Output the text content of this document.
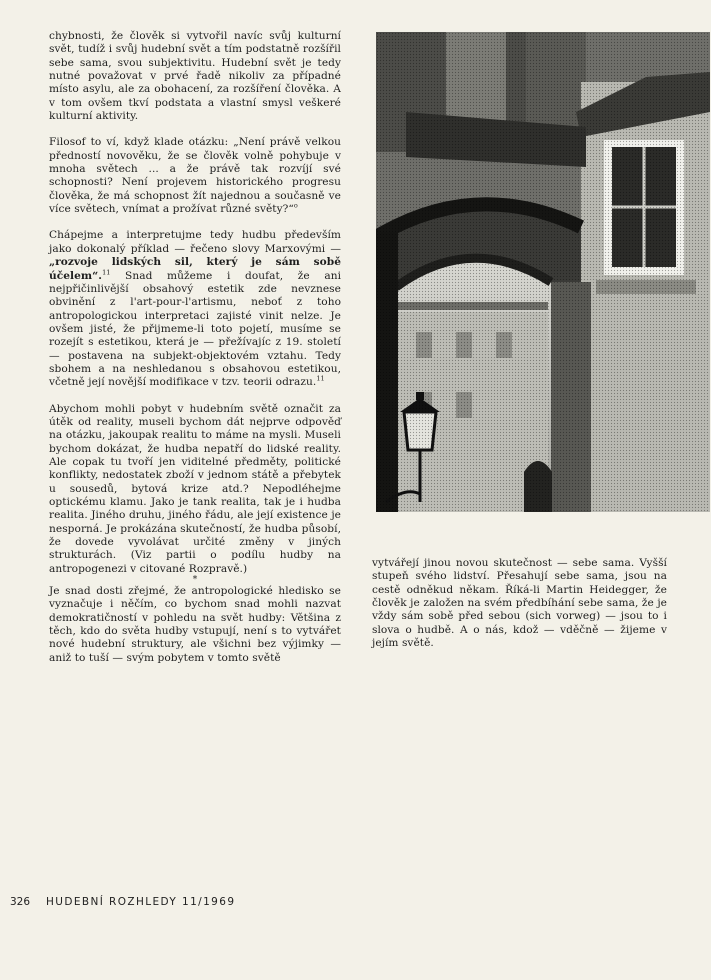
chybnosti, že člověk si vytvořil navíc svůj kulturní svět, tudíž i svůj hudební svět a tím podstatně rozšířil sebe sama, svou subjektivitu. Hudební svět je tedy nutné považovat v prvé řadě nikoliv za případné místo asylu, ale za obohacení, za rozšíření člověka. A v tom ovšem tkví podstata a vlastní smysl veškeré kulturní aktivity.

Filosof to ví, když klade otázku: „Není právě velkou předností novověku, že se člověk volně pohybuje v mnoha světech ... a že právě tak rozvíjí své schopnosti? Není projevem historického progresu člověka, že má schopnost žít najednou a současně ve více světech, vnímat a prožívat různé světy?“$^o$

Chápejme a interpretujme tedy hudbu především jako dokonalý příklad — řečeno slovy Marxovými — „rozvoje lidských sil, který je sám sobě účelem“.$^{11}$ Snad můžeme i doufat, že ani nejpřičinlivější obsahový estetik zde nevznese obvinění z l'art-pour-l'artismu, neboť z toho antropologickou interpretaci zajisté vinit nelze. Je ovšem jisté, že přijmeme-li toto pojetí, musíme se rozejít s estetikou, která je — přežívajíc z 19. století — postavena na subjekt-objektovém vztahu. Tedy sbohem a na neshledanou s obsahovou estetikou, včetně její novější modifikace v tzv. teorii odrazu.$^{11}$

Abychom mohli pobyt v hudebním světě označit za útěk od reality, museli bychom dát nejprve odpověď na otázku, jakoupak realitu to máme na mysli. Museli bychom dokázat, že hudba nepatří do lidské reality. Ale copak tu tvoří jen viditelné předměty, politické konflikty, nedostatek zboží v jednom státě a přebytek u sousedů, bytová krize atd.? Nepodléhejme optickému klamu. Jako je tank realita, tak je i hudba realita. Jiného druhu, jiného řádu, ale její existence je nesporná. Je prokázána skutečností, že hudba působí, že dovede vyvolávat určité změny v jiných strukturách. (Viz partii o podílu hudby na antropogenezi v citované Rozpravě.)

*

Je snad dosti zřejmé, že antropologické hledisko se vyznačuje i něčím, co bychom snad mohli nazvat demokratičností v pohledu na svět hudby: Většina z těch, kdo do světa hudby vstupují, není s to vytvářet nové hudební struktury, ale všichni bez výjimky — aniž to tuší — svým pobytem v tomto světě

vytvářejí jinou novou skutečnost — sebe sama. Vyšší stupeň svého lidství. Přesahují sebe sama, jsou na cestě odněkud někam. Říká-li Martin Heidegger, že člověk je založen na svém předbíhání sebe sama, že je vždy sám sobě před sebou (sich vorweg) — jsou to i slova o hudbě. A o nás, kdož — vděčně — žijeme v jejím světě.

326 HUDEBNÍ ROZHLEDY 11/1969
